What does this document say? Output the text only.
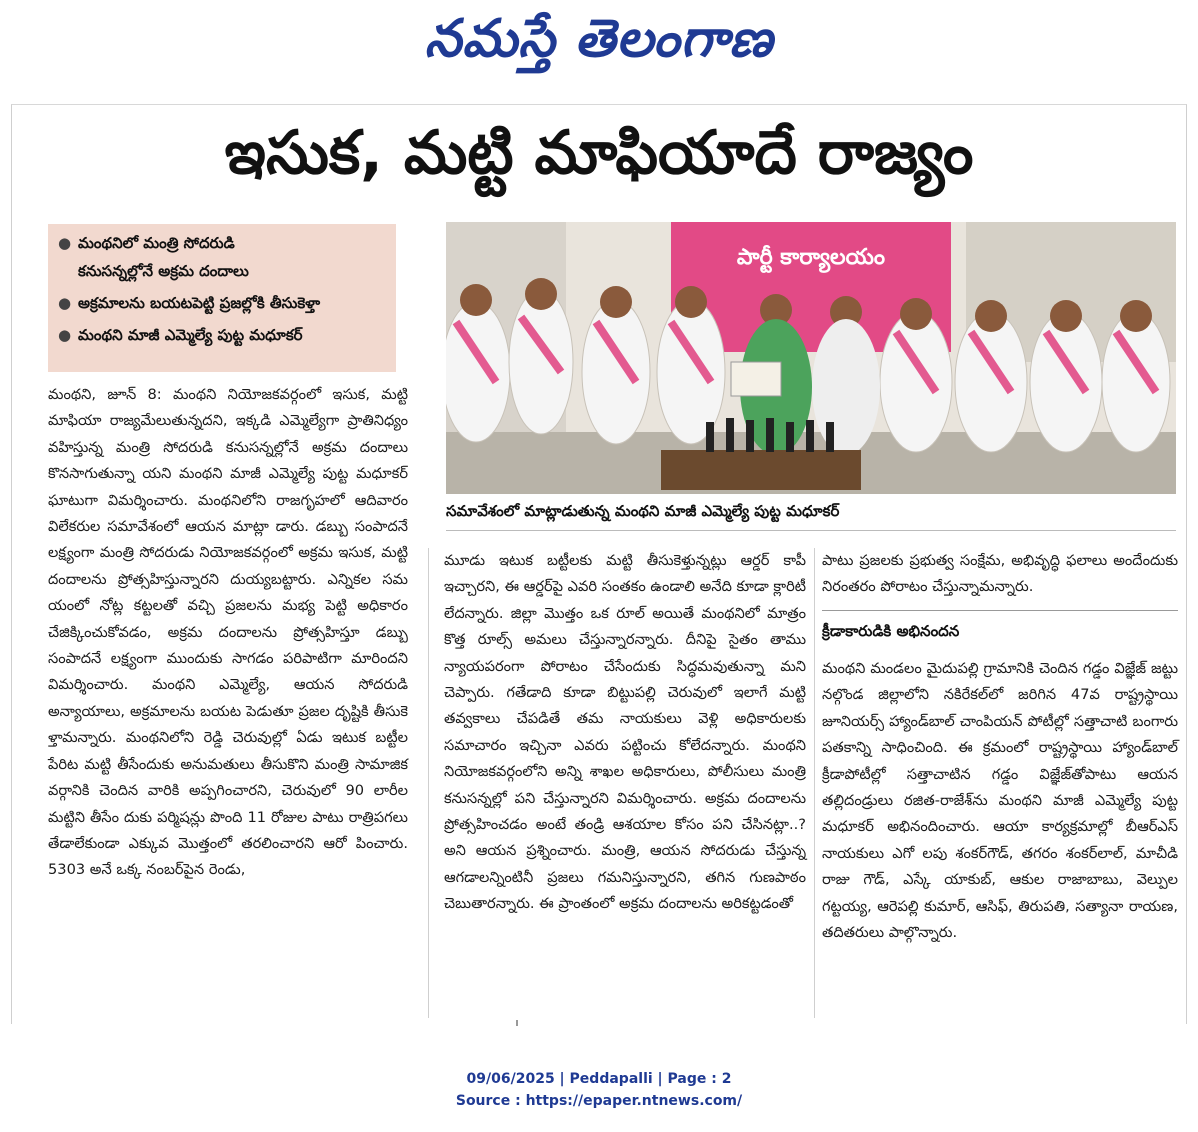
నమస్తే తెలంగాణ
ఇసుక, మట్టి మాఫియాదే రాజ్యం
● మంథనిలో మంత్రి సోదరుడి
కనుసన్నల్లోనే అక్రమ దందాలు
● అక్రమాలను బయటపెట్టి ప్రజల్లోకి తీసుకెళ్తా
● మంథని మాజీ ఎమ్మెల్యే పుట్ట మధూకర్
పార్టీ కార్యాలయం
సమావేశంలో మాట్లాడుతున్న మంథని మాజీ ఎమ్మెల్యే పుట్ట మధూకర్

మంథని, జూన్ 8: మంథని నియోజకవర్గంలో ఇసుక, మట్టి మాఫియా రాజ్యమేలుతున్నదని, ఇక్కడి ఎమ్మెల్యేగా ప్రాతినిధ్యం వహిస్తున్న మంత్రి సోదరుడి కనుసన్నల్లోనే అక్రమ దందాలు కొనసాగుతున్నా యని మంథని మాజీ ఎమ్మెల్యే పుట్ట మధూకర్ ఘాటుగా విమర్శించారు. మంథనిలోని రాజగృహలో ఆదివారం విలేకరుల సమావేశంలో ఆయన మాట్లా డారు. డబ్బు సంపాదనే లక్ష్యంగా మంత్రి సోదరుడు నియోజకవర్గంలో అక్రమ ఇసుక, మట్టి దందాలను ప్రోత్సహిస్తున్నారని దుయ్యబట్టారు. ఎన్నికల సమ యంలో నోట్ల కట్టలతో వచ్చి ప్రజలను మభ్య పెట్టి అధికారం చేజిక్కించుకోవడం, అక్రమ దందాలను ప్రోత్సహిస్తూ డబ్బు సంపాదనే లక్ష్యంగా ముందుకు సాగడం పరిపాటిగా మారిందని విమర్శించారు. మంథని ఎమ్మెల్యే, ఆయన సోదరుడి అన్యాయాలు, అక్రమాలను బయట పెడుతూ ప్రజల దృష్టికి తీసుకె ళ్తామన్నారు. మంథనిలోని రెడ్డి చెరువుల్లో ఏడు ఇటుక బట్టీల పేరిట మట్టి తీసేందుకు అనుమతులు తీసుకొని మంత్రి సామాజిక వర్గానికి చెందిన వారికి అప్పగించారని, చెరువులో 90 లారీల మట్టిని తీసేం దుకు పర్మిషన్లు పొంది 11 రోజుల పాటు రాత్రిపగలు తేడాలేకుండా ఎక్కువ మొత్తంలో తరలించారని ఆరో పించారు. 5303 అనే ఒక్క నంబర్‌పైన రెండు,

మూడు ఇటుక బట్టీలకు మట్టి తీసుకెళ్తున్నట్లు ఆర్డర్ కాపీ ఇచ్చారని, ఈ ఆర్డర్‌పై ఎవరి సంతకం ఉండాలి అనేది కూడా క్లారిటీ లేదన్నారు. జిల్లా మొత్తం ఒక రూల్ అయితే మంథనిలో మాత్రం కొత్త రూల్స్ అమలు చేస్తున్నారన్నారు. దీనిపై సైతం తాము న్యాయపరంగా పోరాటం చేసేందుకు సిద్ధమవుతున్నా మని చెప్పారు. గతేడాది కూడా బిట్టుపల్లి చెరువులో ఇలాగే మట్టి తవ్వకాలు చేపడితే తమ నాయకులు వెళ్లి అధికారులకు సమాచారం ఇచ్చినా ఎవరు పట్టించు కోలేదన్నారు. మంథని నియోజకవర్గంలోని అన్ని శాఖల అధికారులు, పోలీసులు మంత్రి కనుసన్నల్లో పని చేస్తున్నారని విమర్శించారు. అక్రమ దందాలను ప్రోత్సహించడం అంటే తండ్రి ఆశయాల కోసం పని చేసినట్లా..? అని ఆయన ప్రశ్నించారు. మంత్రి, ఆయన సోదరుడు చేస్తున్న ఆగడాలన్నింటినీ ప్రజలు గమనిస్తున్నారని, తగిన గుణపాఠం చెబుతారన్నారు. ఈ ప్రాంతంలో అక్రమ దందాలను అరికట్టడంతో

పాటు ప్రజలకు ప్రభుత్వ సంక్షేమ, అభివృద్ధి ఫలాలు అందేందుకు నిరంతరం పోరాటం చేస్తున్నామన్నారు.

క్రీడాకారుడికి అభినందన

మంథని మండలం మైదుపల్లి గ్రామానికి చెందిన గడ్డం విజ్ఞేజ్ జట్టు నల్గొండ జిల్లాలోని నకిరేకల్‌లో జరిగిన 47వ రాష్ట్రస్థాయి జూనియర్స్ హ్యాండ్‌బాల్ చాంపియన్ పోటీల్లో సత్తాచాటి బంగారు పతకాన్ని సాధించింది. ఈ క్రమంలో రాష్ట్రస్థాయి హ్యాండ్‌బాల్ క్రీడాపోటీల్లో సత్తాచాటిన గడ్డం విజ్ఞేజ్‌తోపాటు ఆయన తల్లిదండ్రులు రజిత-రాజేశ్‌ను మంథని మాజీ ఎమ్మెల్యే పుట్ట మధూకర్ అభినందించారు. ఆయా కార్యక్రమాల్లో బీఆర్ఎస్ నాయకులు ఎగో లపు శంకర్‌గౌడ్, తగరం శంకర్‌లాల్, మాచీడి రాజు గౌడ్, ఎస్కే యాకుబ్, ఆకుల రాజాబాబు, వెల్పుల గట్టయ్య, ఆరెపల్లి కుమార్, ఆసిఫ్, తిరుపతి, సత్యానా రాయణ, తదితరులు పాల్గొన్నారు.

09/06/2025 | Peddapalli | Page : 2
Source : https://epaper.ntnews.com/
